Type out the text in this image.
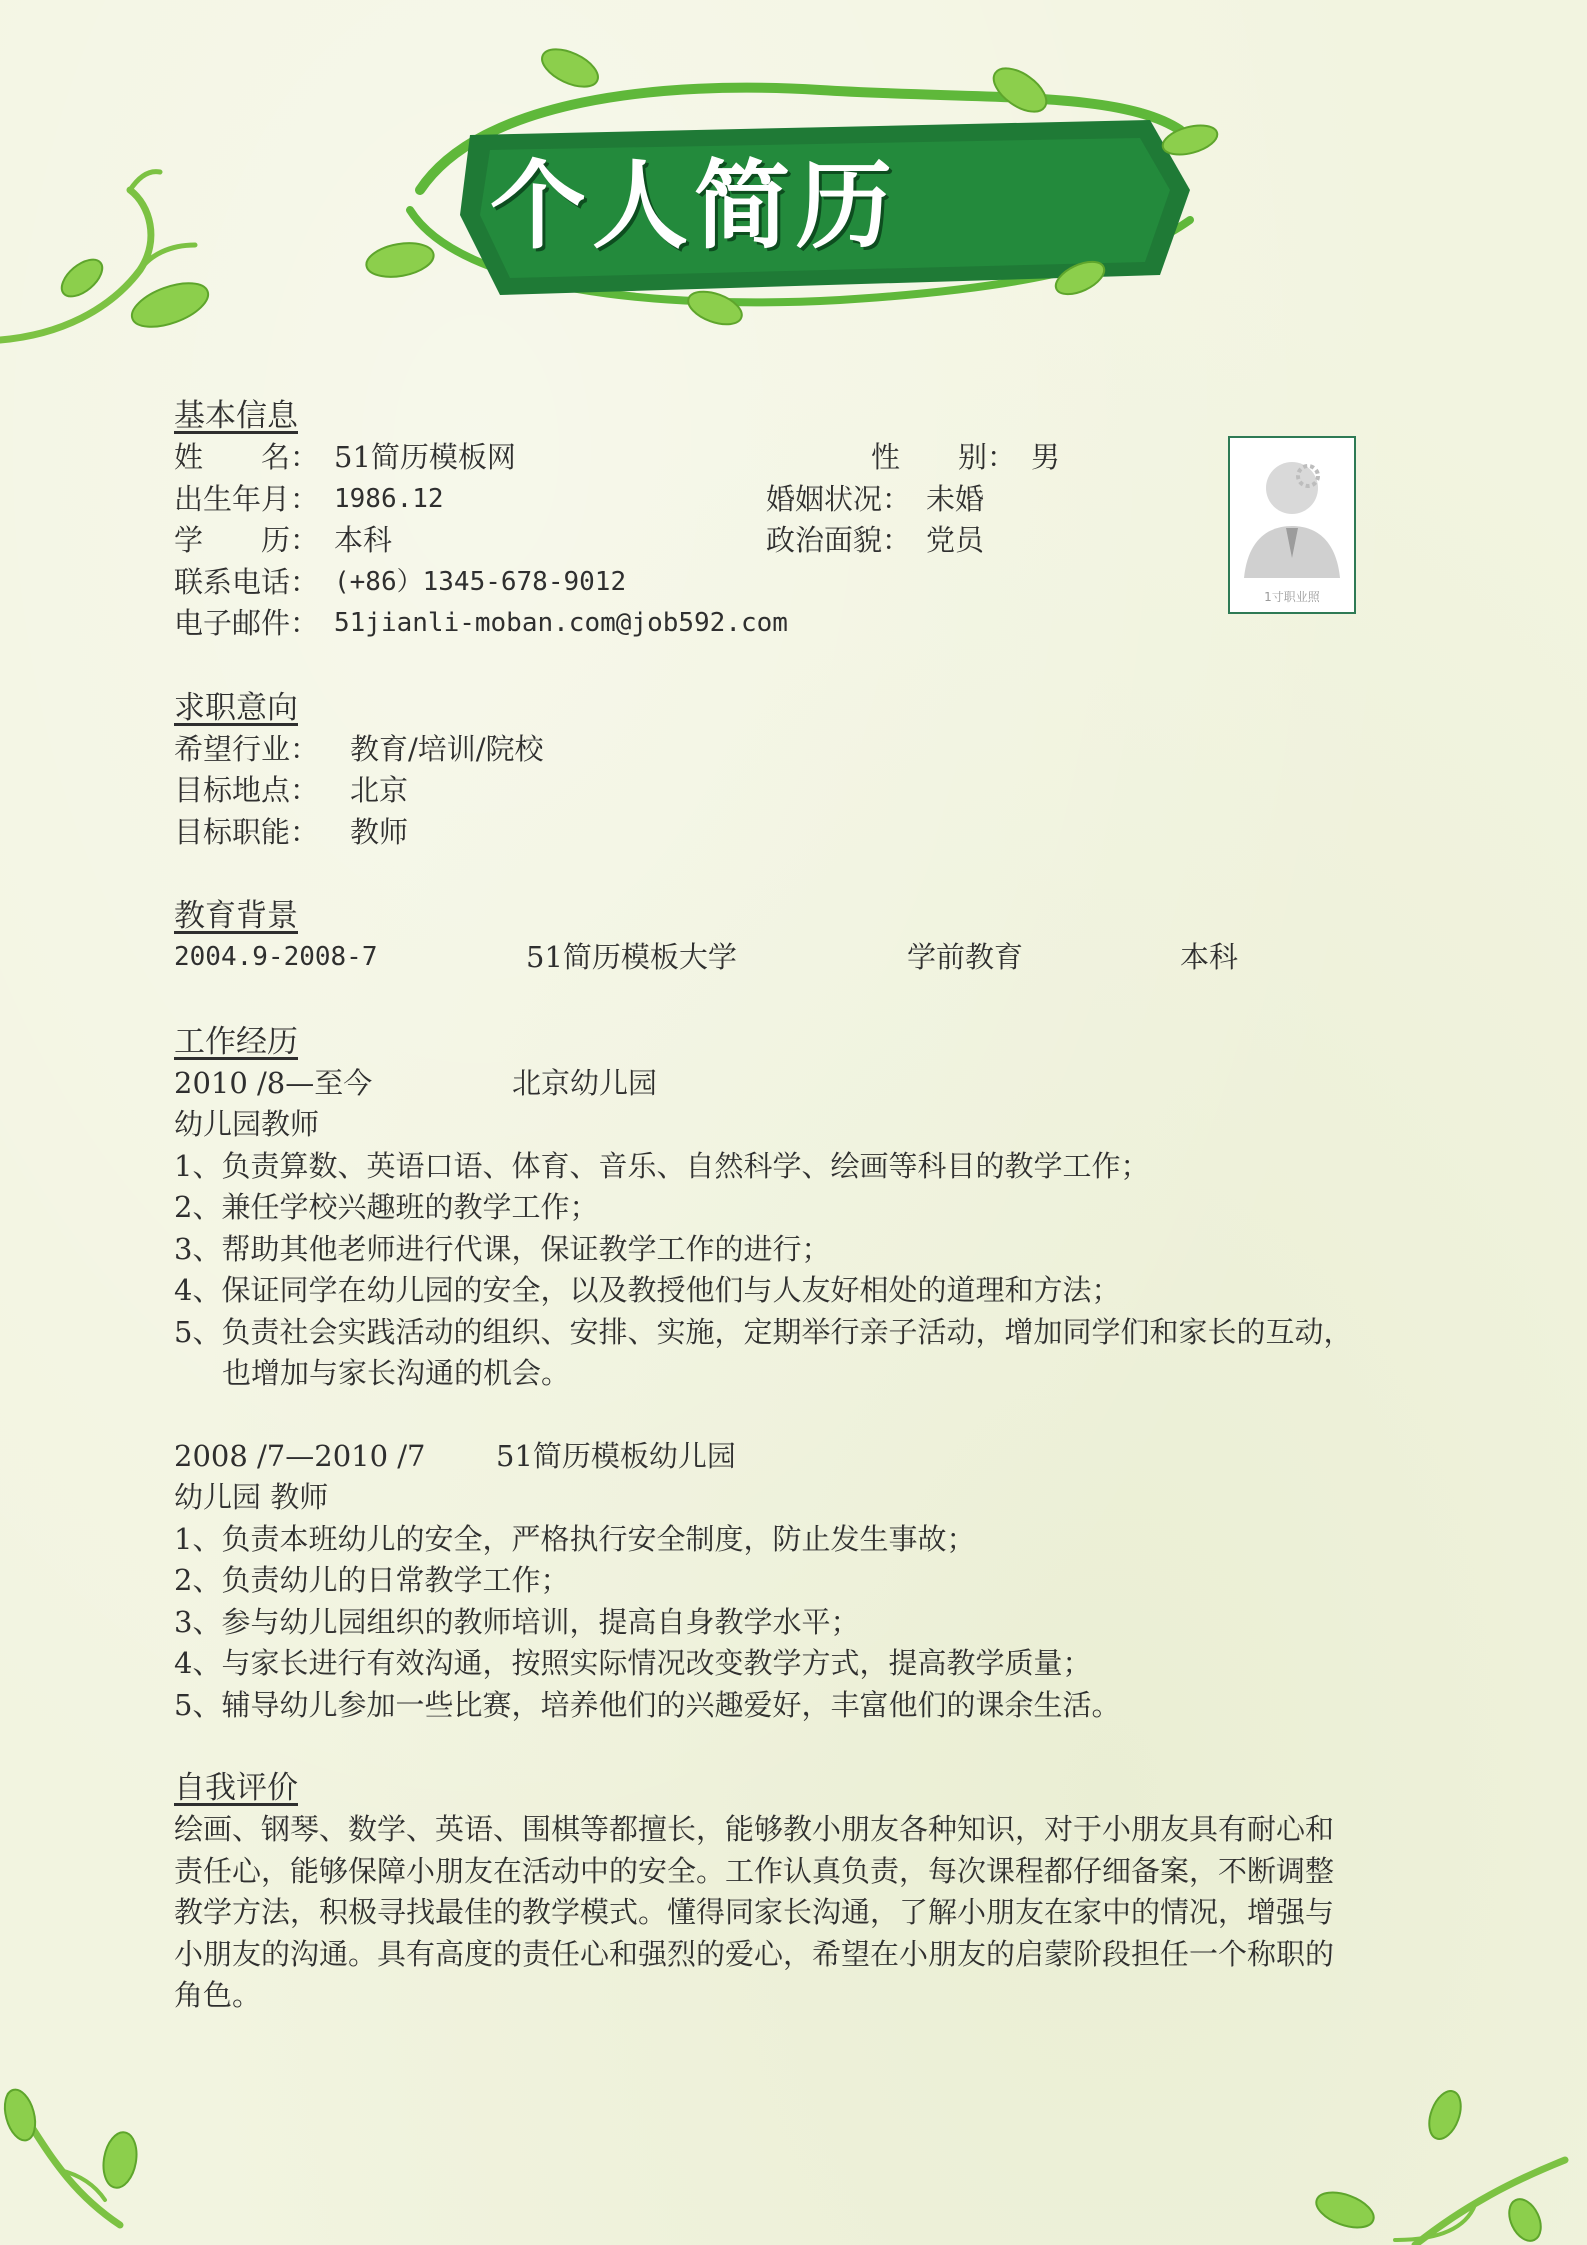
个人简历
1寸职业照
基本信息
姓　　名： 51简历模板网	性　　别： 男
出生年月： 1986.12	婚姻状况： 未婚
学　　历： 本科	政治面貌： 党员
联系电话： (+86）1345-678-9012
电子邮件： 51jianli-moban.com@job592.com
求职意向
希望行业： 教育/培训/院校
目标地点： 北京
目标职能： 教师
教育背景
2004.9-2008-7	51简历模板大学	学前教育	本科
工作经历
2010 /8—至今	北京幼儿园
幼儿园教师
1、负责算数、英语口语、体育、音乐、自然科学、绘画等科目的教学工作；
2、兼任学校兴趣班的教学工作；
3、帮助其他老师进行代课，保证教学工作的进行；
4、保证同学在幼儿园的安全，以及教授他们与人友好相处的道理和方法；
5、负责社会实践活动的组织、安排、实施，定期举行亲子活动，增加同学们和家长的互动，
也增加与家长沟通的机会。
2008 /7—2010 /7 51简历模板幼儿园
幼儿园 教师
1、负责本班幼儿的安全，严格执行安全制度，防止发生事故；
2、负责幼儿的日常教学工作；
3、参与幼儿园组织的教师培训，提高自身教学水平；
4、与家长进行有效沟通，按照实际情况改变教学方式，提高教学质量；
5、辅导幼儿参加一些比赛，培养他们的兴趣爱好，丰富他们的课余生活。
自我评价
绘画、钢琴、数学、英语、围棋等都擅长，能够教小朋友各种知识，对于小朋友具有耐心和
责任心，能够保障小朋友在活动中的安全。工作认真负责，每次课程都仔细备案，不断调整
教学方法，积极寻找最佳的教学模式。懂得同家长沟通，了解小朋友在家中的情况，增强与
小朋友的沟通。具有高度的责任心和强烈的爱心，希望在小朋友的启蒙阶段担任一个称职的
角色。
